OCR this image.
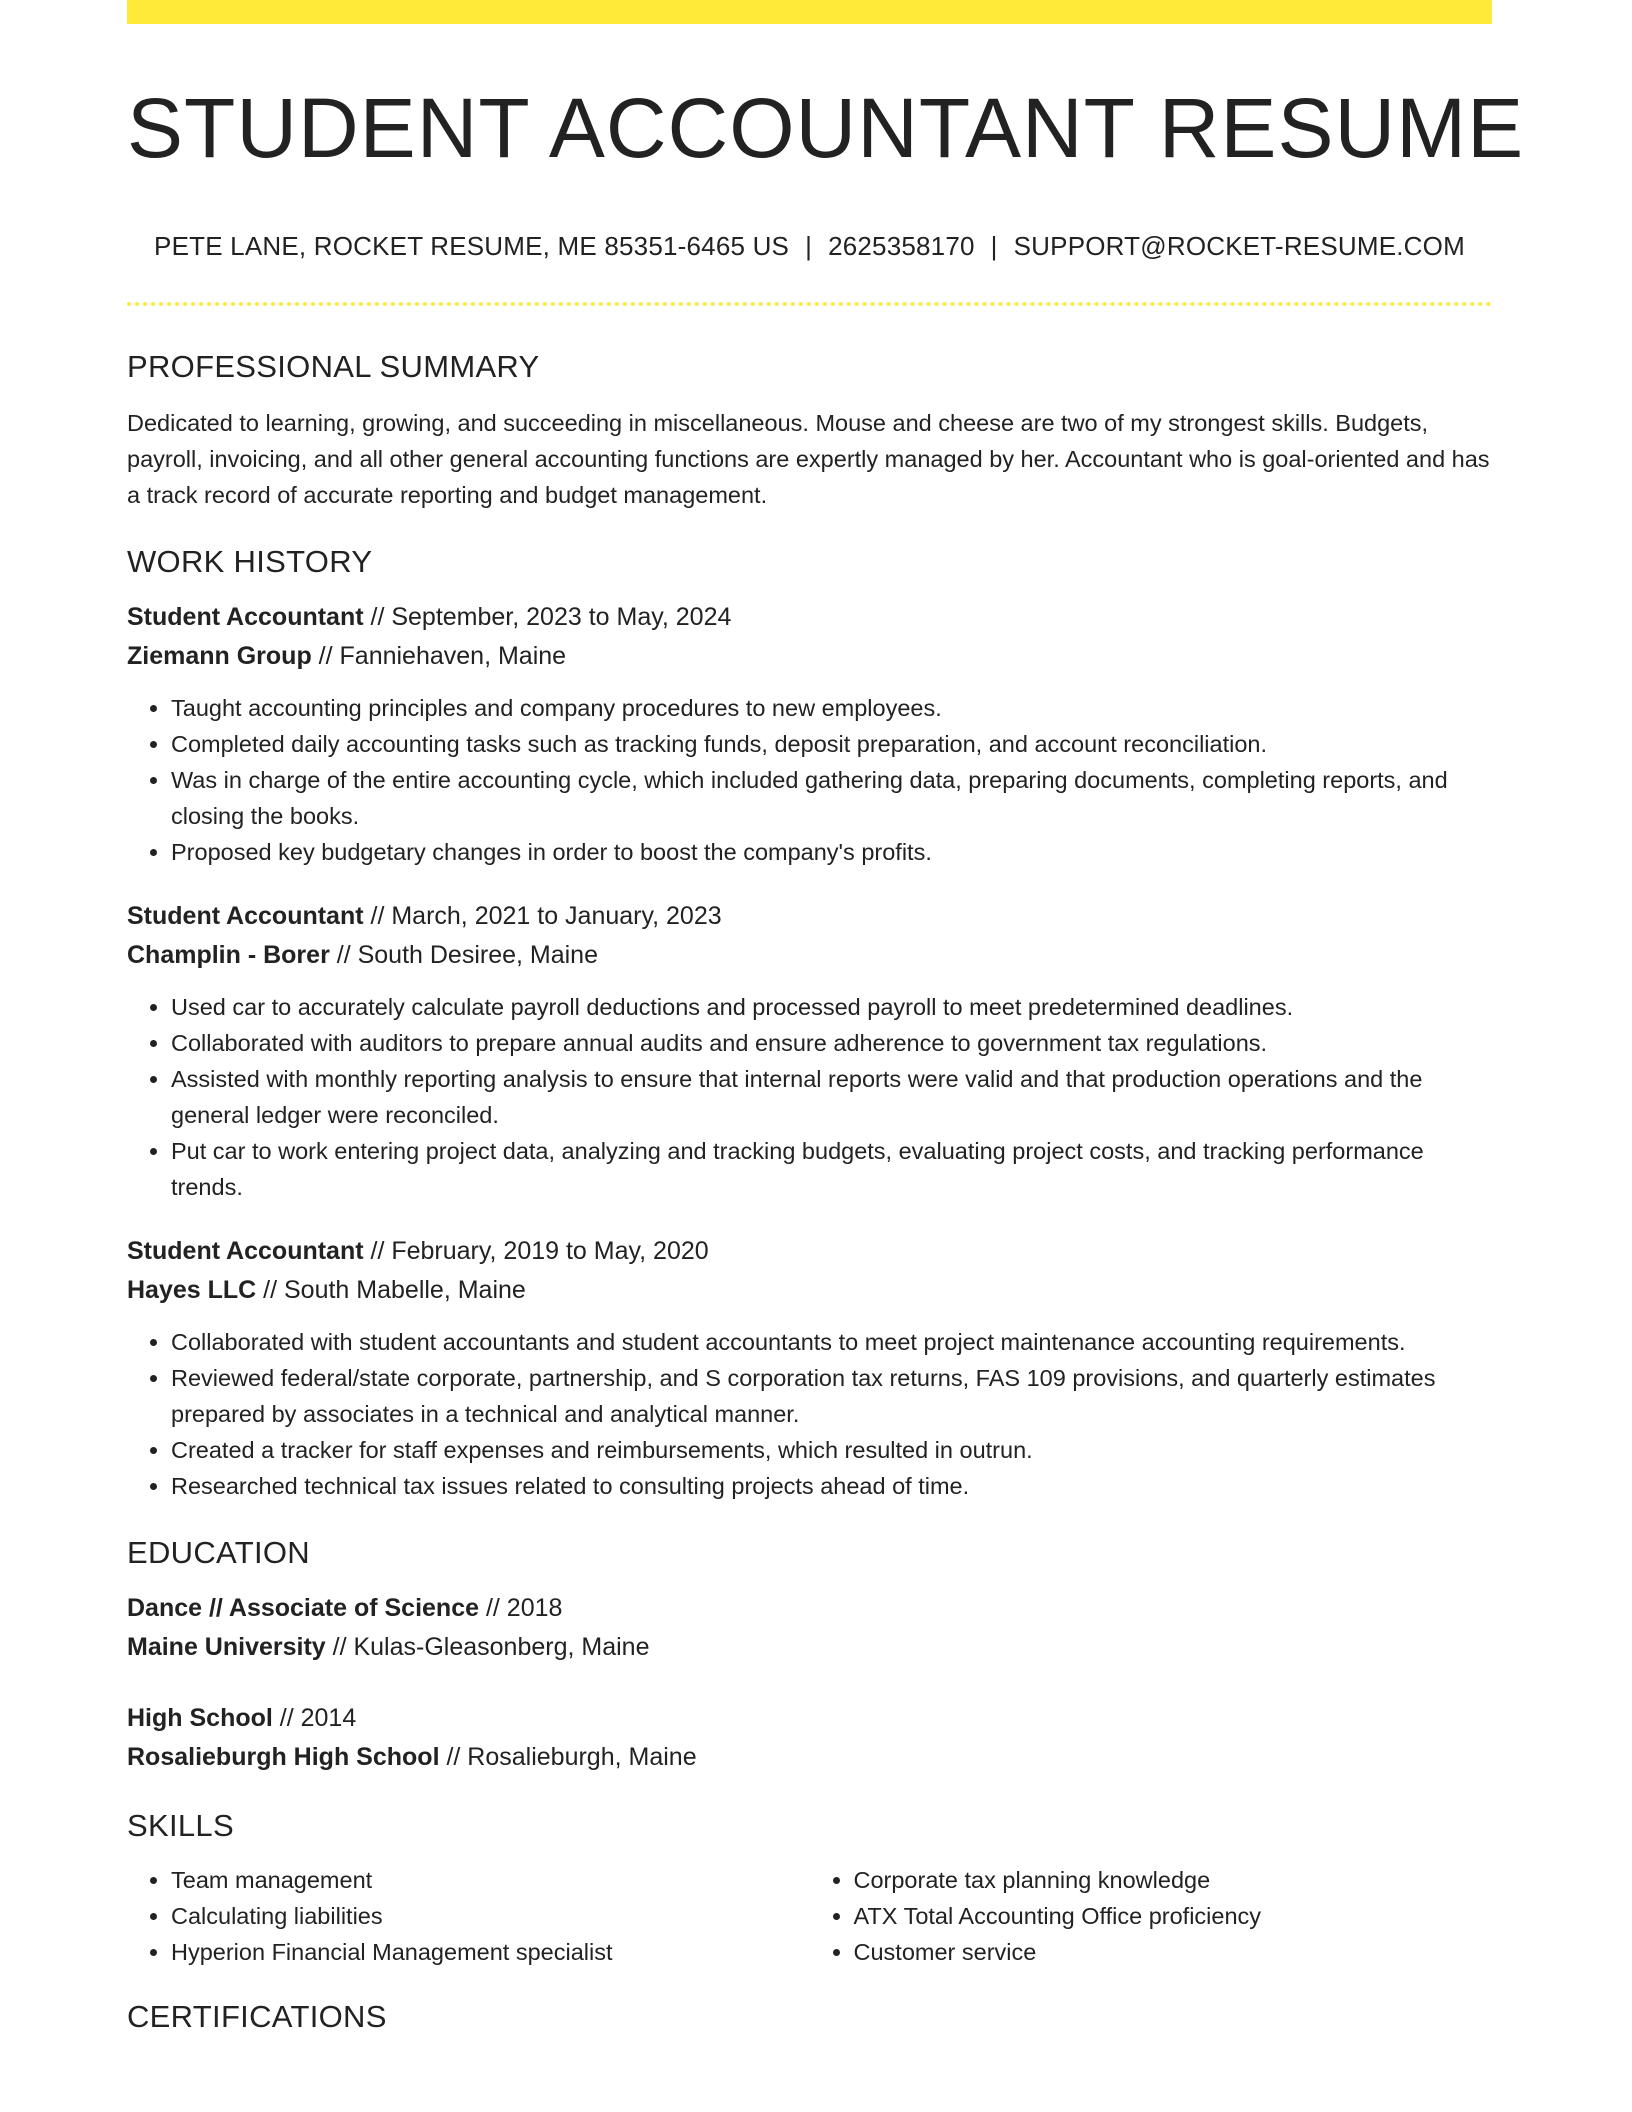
STUDENT ACCOUNTANT RESUME
PETE LANE, ROCKET RESUME, ME 85351-6465 US | 2625358170 | SUPPORT@ROCKET-RESUME.COM
PROFESSIONAL SUMMARY

Dedicated to learning, growing, and succeeding in miscellaneous. Mouse and cheese are two of my strongest skills. Budgets, payroll, invoicing, and all other general accounting functions are expertly managed by her. Accountant who is goal-oriented and has a track record of accurate reporting and budget management.

WORK HISTORY
Student Accountant // September, 2023 to May, 2024
Ziemann Group // Fanniehaven, Maine
• Taught accounting principles and company procedures to new employees.
• Completed daily accounting tasks such as tracking funds, deposit preparation, and account reconciliation.
• Was in charge of the entire accounting cycle, which included gathering data, preparing documents, completing reports, and closing the books.
• Proposed key budgetary changes in order to boost the company's profits.
Student Accountant // March, 2021 to January, 2023
Champlin - Borer // South Desiree, Maine
• Used car to accurately calculate payroll deductions and processed payroll to meet predetermined deadlines.
• Collaborated with auditors to prepare annual audits and ensure adherence to government tax regulations.
• Assisted with monthly reporting analysis to ensure that internal reports were valid and that production operations and the general ledger were reconciled.
• Put car to work entering project data, analyzing and tracking budgets, evaluating project costs, and tracking performance trends.
Student Accountant // February, 2019 to May, 2020
Hayes LLC // South Mabelle, Maine
• Collaborated with student accountants and student accountants to meet project maintenance accounting requirements.
• Reviewed federal/state corporate, partnership, and S corporation tax returns, FAS 109 provisions, and quarterly estimates prepared by associates in a technical and analytical manner.
• Created a tracker for staff expenses and reimbursements, which resulted in outrun.
• Researched technical tax issues related to consulting projects ahead of time.
EDUCATION
Dance // Associate of Science // 2018
Maine University // Kulas-Gleasonberg, Maine
High School // 2014
Rosalieburgh High School // Rosalieburgh, Maine
SKILLS
• Team management
• Calculating liabilities
• Hyperion Financial Management specialist
• Corporate tax planning knowledge
• ATX Total Accounting Office proficiency
• Customer service
CERTIFICATIONS
